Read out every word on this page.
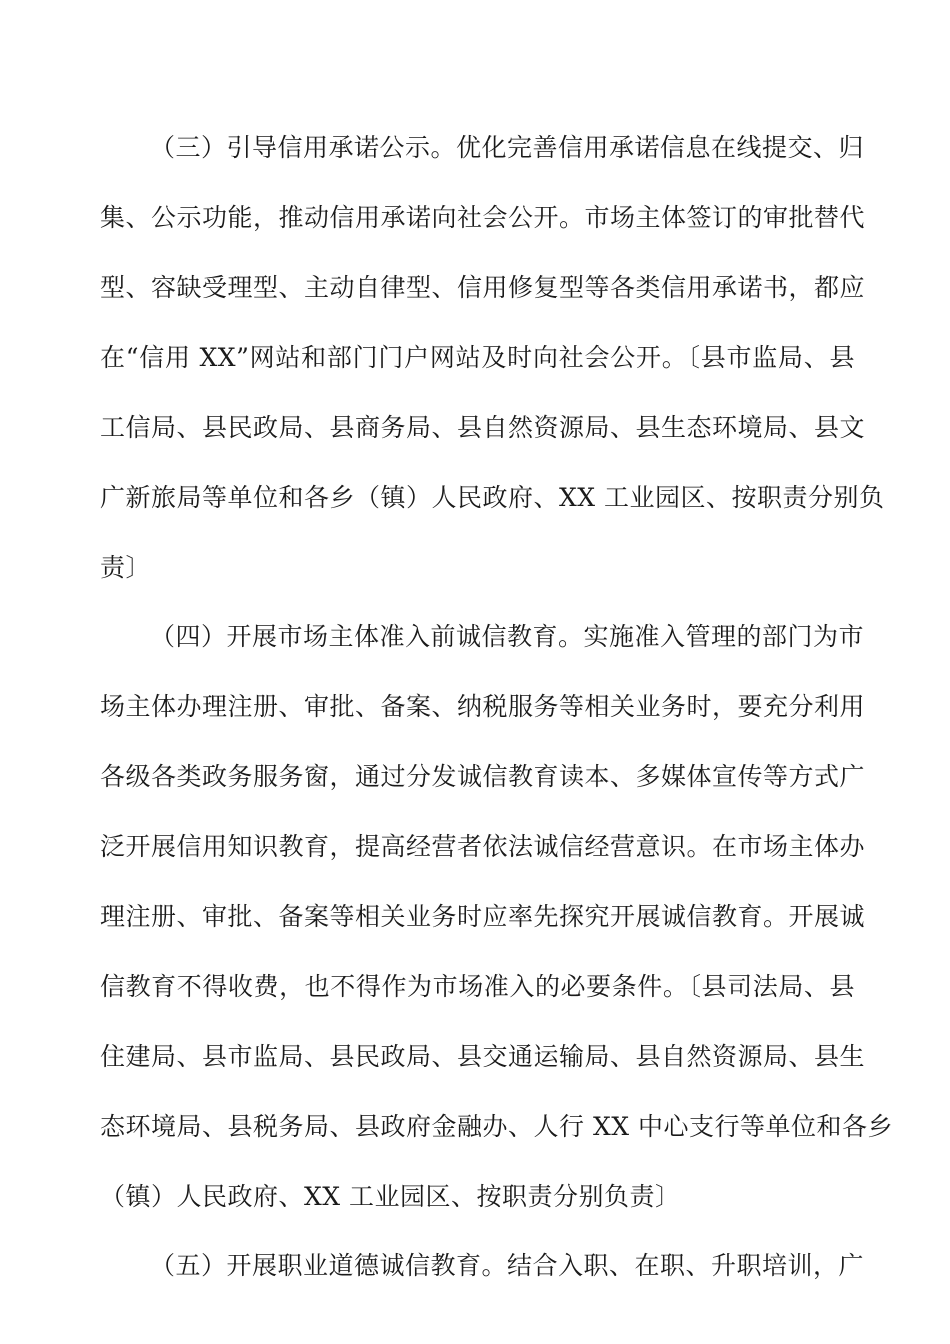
（三）引导信用承诺公示。优化完善信用承诺信息在线提交、归
集、公示功能，推动信用承诺向社会公开。市场主体签订的审批替代
型、容缺受理型、主动自律型、信用修复型等各类信用承诺书，都应
在“信用 XX”网站和部门门户网站及时向社会公开。〔县市监局、县
工信局、县民政局、县商务局、县自然资源局、县生态环境局、县文
广新旅局等单位和各乡（镇）人民政府、XX 工业园区、按职责分别负
责〕
（四）开展市场主体准入前诚信教育。实施准入管理的部门为市
场主体办理注册、审批、备案、纳税服务等相关业务时，要充分利用
各级各类政务服务窗，通过分发诚信教育读本、多媒体宣传等方式广
泛开展信用知识教育，提高经营者依法诚信经营意识。在市场主体办
理注册、审批、备案等相关业务时应率先探究开展诚信教育。开展诚
信教育不得收费，也不得作为市场准入的必要条件。〔县司法局、县
住建局、县市监局、县民政局、县交通运输局、县自然资源局、县生
态环境局、县税务局、县政府金融办、人行 XX 中心支行等单位和各乡
（镇）人民政府、XX 工业园区、按职责分别负责〕
（五）开展职业道德诚信教育。结合入职、在职、升职培训，广
